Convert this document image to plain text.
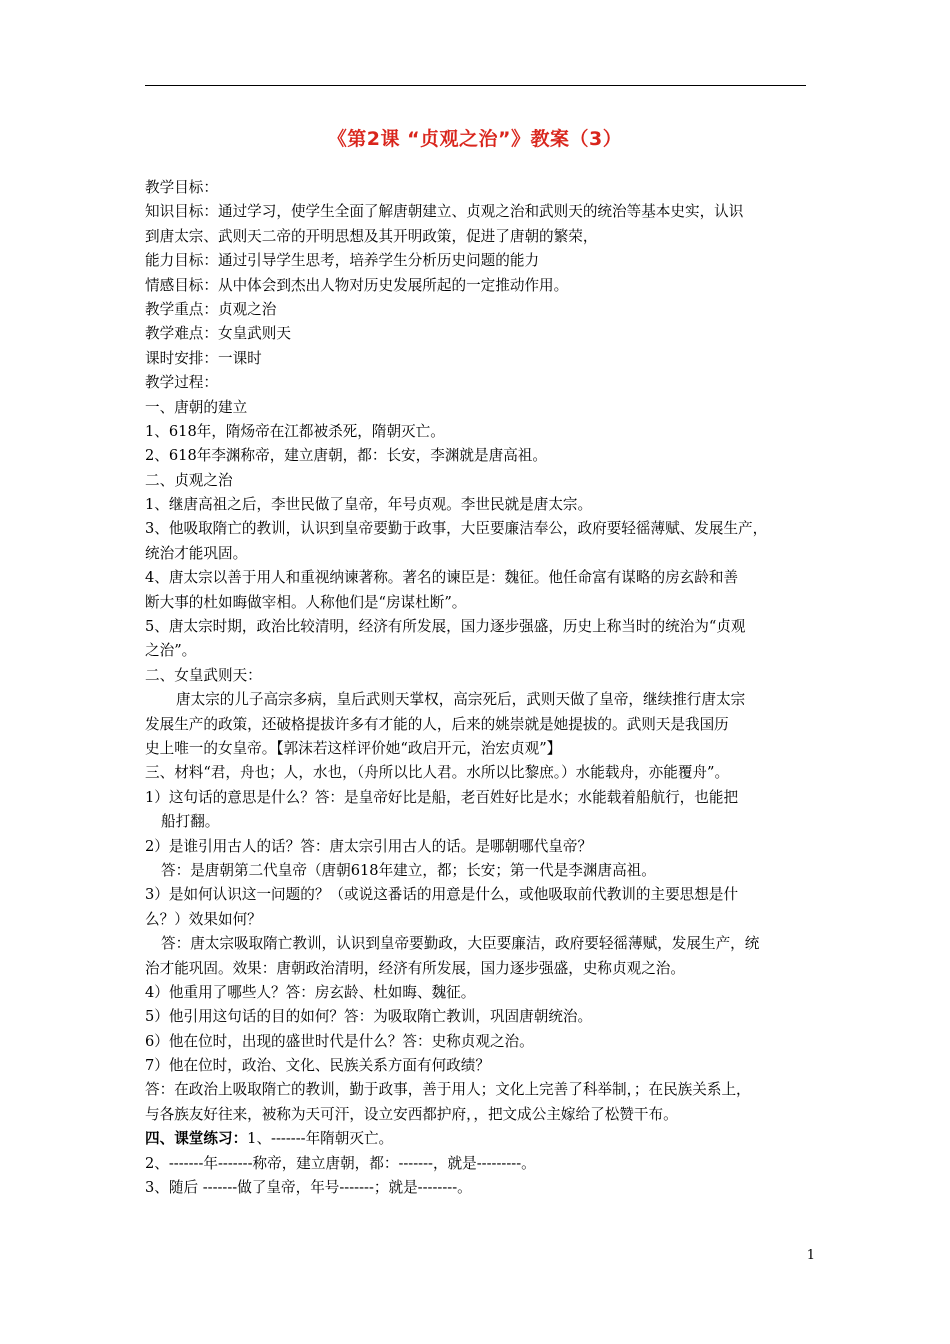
《第2课 “贞观之治”》教案（3）
教学目标：
知识目标：通过学习，使学生全面了解唐朝建立、贞观之治和武则天的统治等基本史实，认识
到唐太宗、武则天二帝的开明思想及其开明政策，促进了唐朝的繁荣，
能力目标：通过引导学生思考，培养学生分析历史问题的能力
情感目标：从中体会到杰出人物对历史发展所起的一定推动作用。
教学重点：贞观之治
教学难点：女皇武则天
课时安排：一课时
教学过程：
一、唐朝的建立
1、618年，隋炀帝在江都被杀死，隋朝灭亡。
2、618年李渊称帝，建立唐朝，都：长安，李渊就是唐高祖。
二、贞观之治
1、继唐高祖之后，李世民做了皇帝，年号贞观。李世民就是唐太宗。
3、他吸取隋亡的教训，认识到皇帝要勤于政事，大臣要廉洁奉公，政府要轻徭薄赋、发展生产，
统治才能巩固。
4、唐太宗以善于用人和重视纳谏著称。著名的谏臣是：魏征。他任命富有谋略的房玄龄和善
断大事的杜如晦做宰相。人称他们是“房谋杜断”。
5、唐太宗时期，政治比较清明，经济有所发展，国力逐步强盛，历史上称当时的统治为“贞观
之治”。
二、女皇武则天：
唐太宗的儿子高宗多病，皇后武则天掌权，高宗死后，武则天做了皇帝，继续推行唐太宗
发展生产的政策，还破格提拔许多有才能的人，后来的姚崇就是她提拔的。武则天是我国历
史上唯一的女皇帝。【郭沫若这样评价她“政启开元，治宏贞观”】
三、材料“君，舟也；人，水也，（舟所以比人君。水所以比黎庶。）水能载舟，亦能覆舟”。
1）这句话的意思是什么？答：是皇帝好比是船，老百姓好比是水；水能载着船航行，也能把
船打翻。
2）是谁引用古人的话？答：唐太宗引用古人的话。是哪朝哪代皇帝？
答：是唐朝第二代皇帝（唐朝618年建立，都；长安；第一代是李渊唐高祖。
3）是如何认识这一问题的？（或说这番话的用意是什么，或他吸取前代教训的主要思想是什
么？）效果如何？
答：唐太宗吸取隋亡教训，认识到皇帝要勤政，大臣要廉洁，政府要轻徭薄赋，发展生产，统
治才能巩固。效果：唐朝政治清明，经济有所发展，国力逐步强盛，史称贞观之治。
4）他重用了哪些人？答：房玄龄、杜如晦、魏征。
5）他引用这句话的目的如何？答：为吸取隋亡教训，巩固唐朝统治。
6）他在位时，出现的盛世时代是什么？答：史称贞观之治。
7）他在位时，政治、文化、民族关系方面有何政绩？
答：在政治上吸取隋亡的教训，勤于政事，善于用人；文化上完善了科举制，；在民族关系上，
与各族友好往来，被称为天可汗，设立安西都护府，，把文成公主嫁给了松赞干布。
四、课堂练习：1、-------年隋朝灭亡。
2、-------年-------称帝，建立唐朝，都：-------，就是---------。
3、随后 -------做了皇帝，年号-------；就是--------。
1
